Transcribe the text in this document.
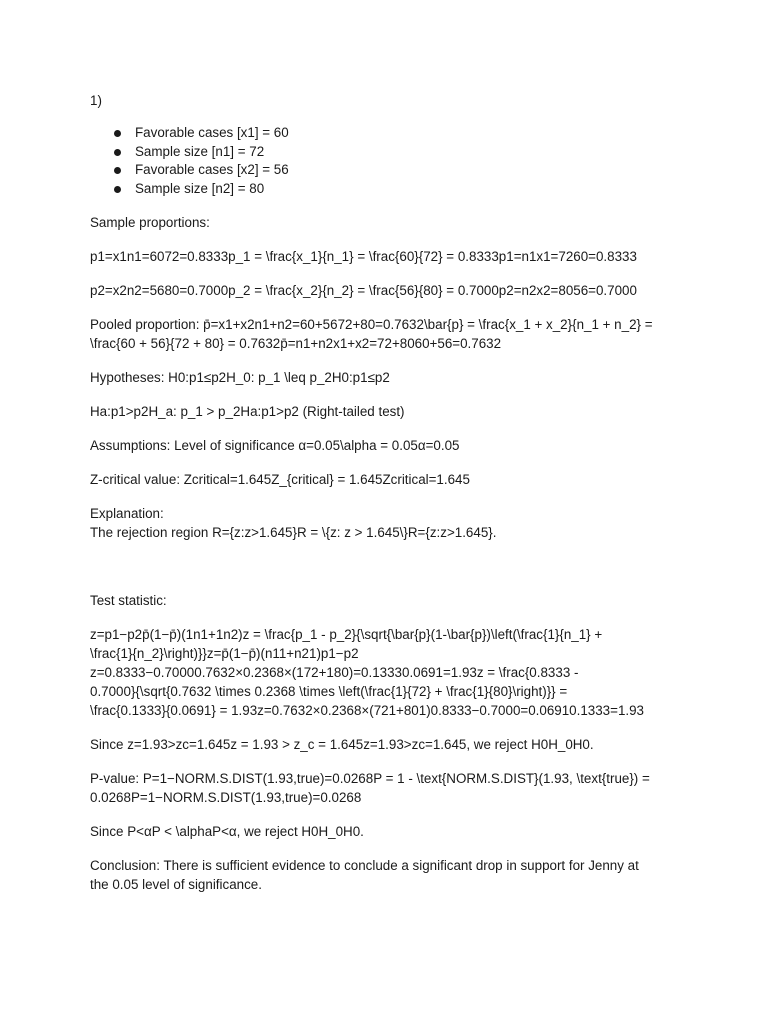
1)
Favorable cases [x1] = 60
Sample size [n1] = 72
Favorable cases [x2] = 56
Sample size [n2] = 80
Sample proportions:
p1=x1n1=6072=0.8333p_1 = \frac{x_1}{n_1} = \frac{60}{72} = 0.8333p1=n1x1=7260=0.8333
p2=x2n2=5680=0.7000p_2 = \frac{x_2}{n_2} = \frac{56}{80} = 0.7000p2=n2x2=8056=0.7000
Pooled proportion: p̄=x1+x2n1+n2=60+5672+80=0.7632\bar{p} = \frac{x_1 + x_2}{n_1 + n_2} =
\frac{60 + 56}{72 + 80} = 0.7632p̄=n1+n2x1+x2=72+8060+56=0.7632
Hypotheses: H0:p1≤p2H_0: p_1 \leq p_2H0:p1≤p2
Ha:p1>p2H_a: p_1 > p_2Ha:p1>p2 (Right-tailed test)
Assumptions: Level of significance α=0.05\alpha = 0.05α=0.05
Z-critical value: Zcritical=1.645Z_{critical} = 1.645Zcritical=1.645
Explanation:
The rejection region R={z:z>1.645}R = \{z: z > 1.645\}R={z:z>1.645}.
Test statistic:
z=p1−p2p̄(1−p̄)(1n1+1n2)z = \frac{p_1 - p_2}{\sqrt{\bar{p}(1-\bar{p})\left(\frac{1}{n_1} +
\frac{1}{n_2}\right)}}z=p̄(1−p̄)(n11+n21)p1−p2
z=0.8333−0.70000.7632×0.2368×(172+180)=0.13330.0691=1.93z = \frac{0.8333 -
0.7000}{\sqrt{0.7632 \times 0.2368 \times \left(\frac{1}{72} + \frac{1}{80}\right)}} =
\frac{0.1333}{0.0691} = 1.93z=0.7632×0.2368×(721+801)0.8333−0.7000=0.06910.1333=1.93
Since z=1.93>zc=1.645z = 1.93 > z_c = 1.645z=1.93>zc=1.645, we reject H0H_0H0.
P-value: P=1−NORM.S.DIST(1.93,true)=0.0268P = 1 - \text{NORM.S.DIST}(1.93, \text{true}) =
0.0268P=1−NORM.S.DIST(1.93,true)=0.0268
Since P<αP < \alphaP<α, we reject H0H_0H0.
Conclusion: There is sufficient evidence to conclude a significant drop in support for Jenny at
the 0.05 level of significance.
